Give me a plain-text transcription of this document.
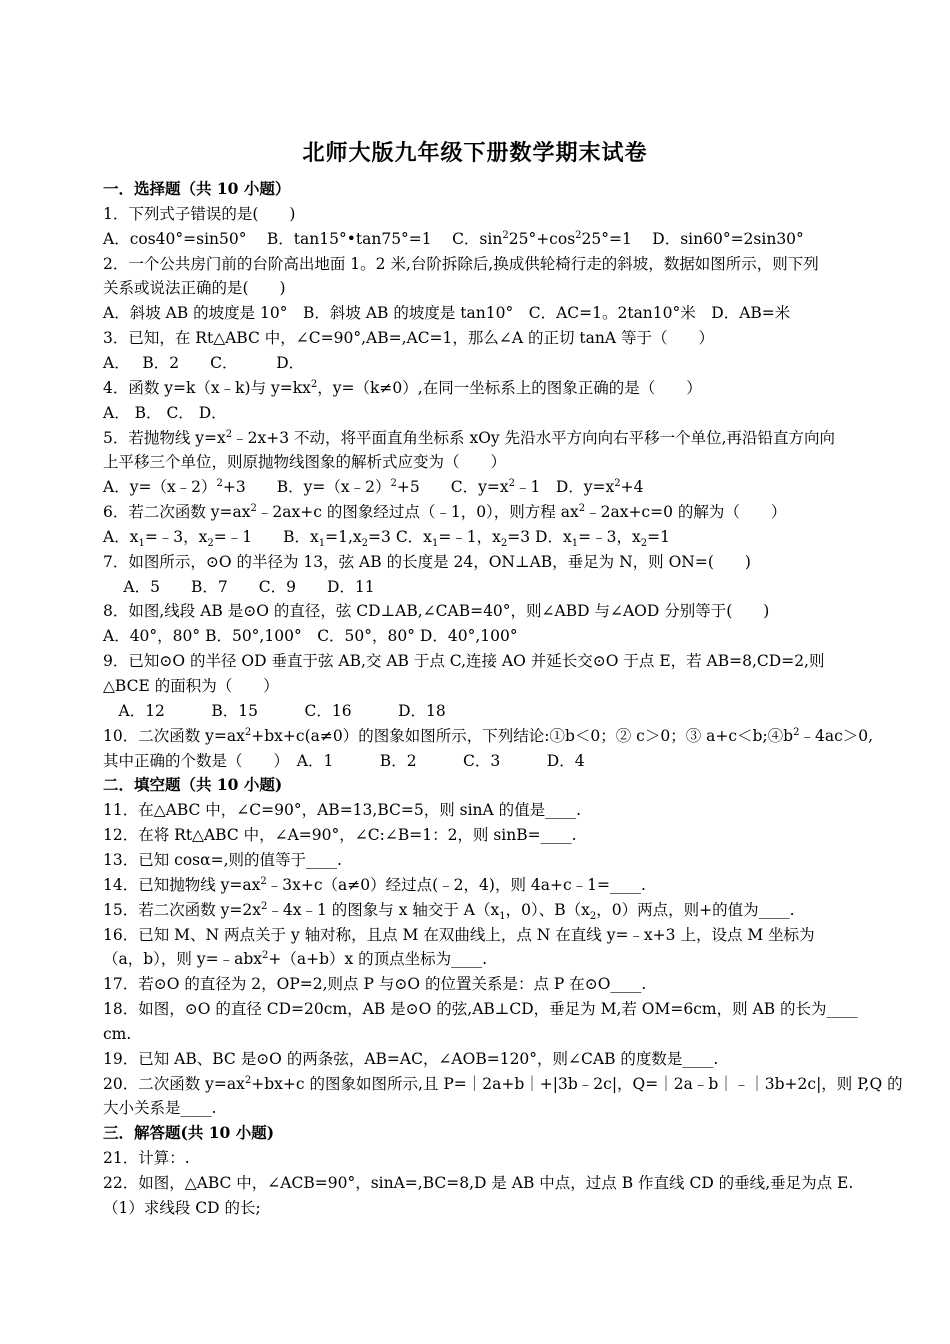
北师大版九年级下册数学期末试卷
一．选择题（共 10 小题）
1．下列式子错误的是(　　)
A．cos40°=sin50°　 B．tan15°•tan75°=1　 C．$\sin^225^\circ+\cos^225^\circ=1$　 D．sin60°=2sin30°
2．一个公共房门前的台阶高出地面 1。2 米,台阶拆除后,换成供轮椅行走的斜坡，数据如图所示，则下列
关系或说法正确的是(　　)
A．斜坡 AB 的坡度是 10°　B．斜坡 AB 的坡度是 tan10°　C．AC=1。2tan10°米　D．AB=米
3．已知，在 Rt△ABC 中，∠C=90°,AB=,AC=1，那么∠A 的正切 tanA 等于（　　）
A．　 B．2　　C．　　　D．
4．函数 y=k（x﹣k)与 $y=kx^2$，y=（k≠0）,在同一坐标系上的图象正确的是（　　）
A． B． C． D．
5．若抛物线 $y=x^2﹣2x+3$ 不动，将平面直角坐标系 xOy 先沿水平方向向右平移一个单位,再沿铅直方向向
上平移三个单位，则原抛物线图象的解析式应变为（　　）
A．y=（x﹣2）$^2$+3　　B．y=（x﹣2）$^2$+5　　C．$y=x^2﹣1$　D．$y=x^2+4$
6．若二次函数 $y=ax^2﹣2ax+c$ 的图象经过点（﹣1，0），则方程 $ax^2﹣2ax+c=0$ 的解为（　　）
A．$x_1=﹣3$，$x_2=﹣1$　　B．$x_1=1,x_2=3$ C．$x_1=﹣1$，$x_2=3$ D．$x_1=﹣3$，$x_2=1$
7．如图所示，⊙O 的半径为 13，弦 AB 的长度是 24，ON⊥AB，垂足为 N，则 ON=(　　)
　 A．5　　B．7　　C．9　　D．11
8．如图,线段 AB 是⊙O 的直径，弦 CD⊥AB,∠CAB=40°，则∠ABD 与∠AOD 分别等于(　　)
A．40°，80° B．50°,100°　C．50°，80° D．40°,100°
9．已知⊙O 的半径 OD 垂直于弦 AB,交 AB 于点 C,连接 AO 并延长交⊙O 于点 E，若 AB=8,CD=2,则
△BCE 的面积为（　　）
　A．12　　　B．15　　　C．16　　　D．18
10．二次函数 $y=ax^2+bx+c(a\ne 0)$的图象如图所示，下列结论:①b＜0；② c＞0；③ $a+c<b;④b^2﹣4ac>0$,
其中正确的个数是（　　）　A．1　　　B．2　　　C．3　　　D．4
二．填空题（共 10 小题)
11．在△ABC 中，∠C=90°，AB=13,BC=5，则 sinA 的值是____.
12．在将 Rt△ABC 中，∠A=90°，∠C:∠B=1：2，则 sinB=____.
13．已知 cosα=,则的值等于____.
14．已知抛物线 $y=ax^2﹣3x+c(a\ne 0)$经过点(﹣2，4)，则 4a+c﹣1=____.
15．若二次函数 $y=2x^2﹣4x﹣1$ 的图象与 x 轴交于 $A(x_1$，0）、$B(x_2$，0）两点，则+的值为____.
16．已知 M、N 两点关于 y 轴对称，且点 M 在双曲线上，点 N 在直线 y=﹣x+3 上，设点 M 坐标为
（a，b），则 y=﹣abx$^2$+（a+b）x 的顶点坐标为____.
17．若⊙O 的直径为 2，OP=2,则点 P 与⊙O 的位置关系是：点 P 在⊙O____.
18．如图，⊙O 的直径 CD=20cm，AB 是⊙O 的弦,AB⊥CD，垂足为 M,若 OM=6cm，则 AB 的长为____
cm.
19．已知 AB、BC 是⊙O 的两条弦，AB=AC，∠AOB=120°，则∠CAB 的度数是____.
20．二次函数 $y=ax^2+bx+c$ 的图象如图所示,且 P=｜2a+b｜+|3b﹣2c|，Q=｜2a﹣b｜﹣｜3b+2c|，则 P,Q 的
大小关系是____.
三．解答题(共 10 小题)
21．计算：.
22．如图，△ABC 中，∠ACB=90°，sinA=,BC=8,D 是 AB 中点，过点 B 作直线 CD 的垂线,垂足为点 E.
（1）求线段 CD 的长;
